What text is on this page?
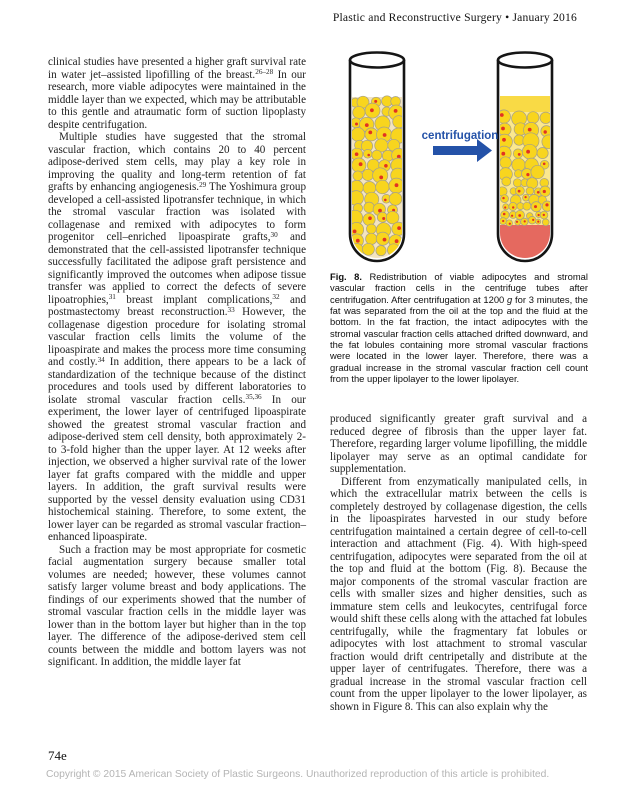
Plastic and Reconstructive Surgery • January 2016

clinical studies have presented a higher graft survival rate in water jet–assisted lipofilling of the breast.$^{26-28}$ In our research, more viable adipocytes were maintained in the middle layer than we expected, which may be attributable to this gentle and atraumatic form of suction lipoplasty despite centrifugation.

Multiple studies have suggested that the stromal vascular fraction, which contains 20 to 40 percent adipose-derived stem cells, may play a key role in improving the quality and long-term retention of fat grafts by enhancing angiogenesis.$^{29}$ The Yoshimura group developed a cell-assisted lipotransfer technique, in which the stromal vascular fraction was isolated with collagenase and remixed with adipocytes to form progenitor cell–enriched lipoaspirate grafts,$^{30}$ and demonstrated that the cell-assisted lipotransfer technique successfully facilitated the adipose graft persistence and significantly improved the outcomes when adipose tissue transfer was applied to correct the defects of severe lipoatrophies,$^{31}$ breast implant complications,$^{32}$ and postmastectomy breast reconstruction.$^{33}$ However, the collagenase digestion procedure for isolating stromal vascular fraction cells limits the volume of the lipoaspirate and makes the process more time consuming and costly.$^{34}$ In addition, there appears to be a lack of standardization of the technique because of the distinct procedures and tools used by different laboratories to isolate stromal vascular fraction cells.$^{35,36}$ In our experiment, the lower layer of centrifuged lipoaspirate showed the greatest stromal vascular fraction and adipose-derived stem cell density, both approximately 2- to 3-fold higher than the upper layer. At 12 weeks after injection, we observed a higher survival rate of the lower layer fat grafts compared with the middle and upper layers. In addition, the graft survival results were supported by the vessel density evaluation using CD31 histochemical staining. Therefore, to some extent, the lower layer can be regarded as stromal vascular fraction–enhanced lipoaspirate.

Such a fraction may be most appropriate for cosmetic facial augmentation surgery because smaller total volumes are needed; however, these volumes cannot satisfy larger volume breast and body applications. The findings of our experiments showed that the number of stromal vascular fraction cells in the middle layer was lower than in the bottom layer but higher than in the top layer. The difference of the adipose-derived stem cell counts between the middle and bottom layers was not significant. In addition, the middle layer fat

centrifugation
Fig. 8. Redistribution of viable adipocytes and stromal vascular fraction cells in the centrifuge tubes after centrifugation. After centrifugation at 1200 g for 3 minutes, the fat was separated from the oil at the top and the fluid at the bottom. In the fat fraction, the intact adipocytes with the stromal vascular fraction cells attached drifted downward, and the fat lobules containing more stromal vascular fractions were located in the lower layer. Therefore, there was a gradual increase in the stromal vascular fraction cell count from the upper lipolayer to the lower lipolayer.

produced significantly greater graft survival and a reduced degree of fibrosis than the upper layer fat. Therefore, regarding larger volume lipofilling, the middle lipolayer may serve as an optimal candidate for supplementation.

Different from enzymatically manipulated cells, in which the extracellular matrix between the cells is completely destroyed by collagenase digestion, the cells in the lipoaspirates harvested in our study before centrifugation maintained a certain degree of cell-to-cell interaction and attachment (Fig. 4). With high-speed centrifugation, adipocytes were separated from the oil at the top and fluid at the bottom (Fig. 8). Because the major components of the stromal vascular fraction are cells with smaller sizes and higher densities, such as immature stem cells and leukocytes, centrifugal force would shift these cells along with the attached fat lobules centrifugally, while the fragmentary fat lobules or adipocytes with lost attachment to stromal vascular fraction would drift centripetally and distribute at the upper layer of centrifugates. Therefore, there was a gradual increase in the stromal vascular fraction cell count from the upper lipolayer to the lower lipolayer, as shown in Figure 8. This can also explain why the

74e
Copyright © 2015 American Society of Plastic Surgeons. Unauthorized reproduction of this article is prohibited.
